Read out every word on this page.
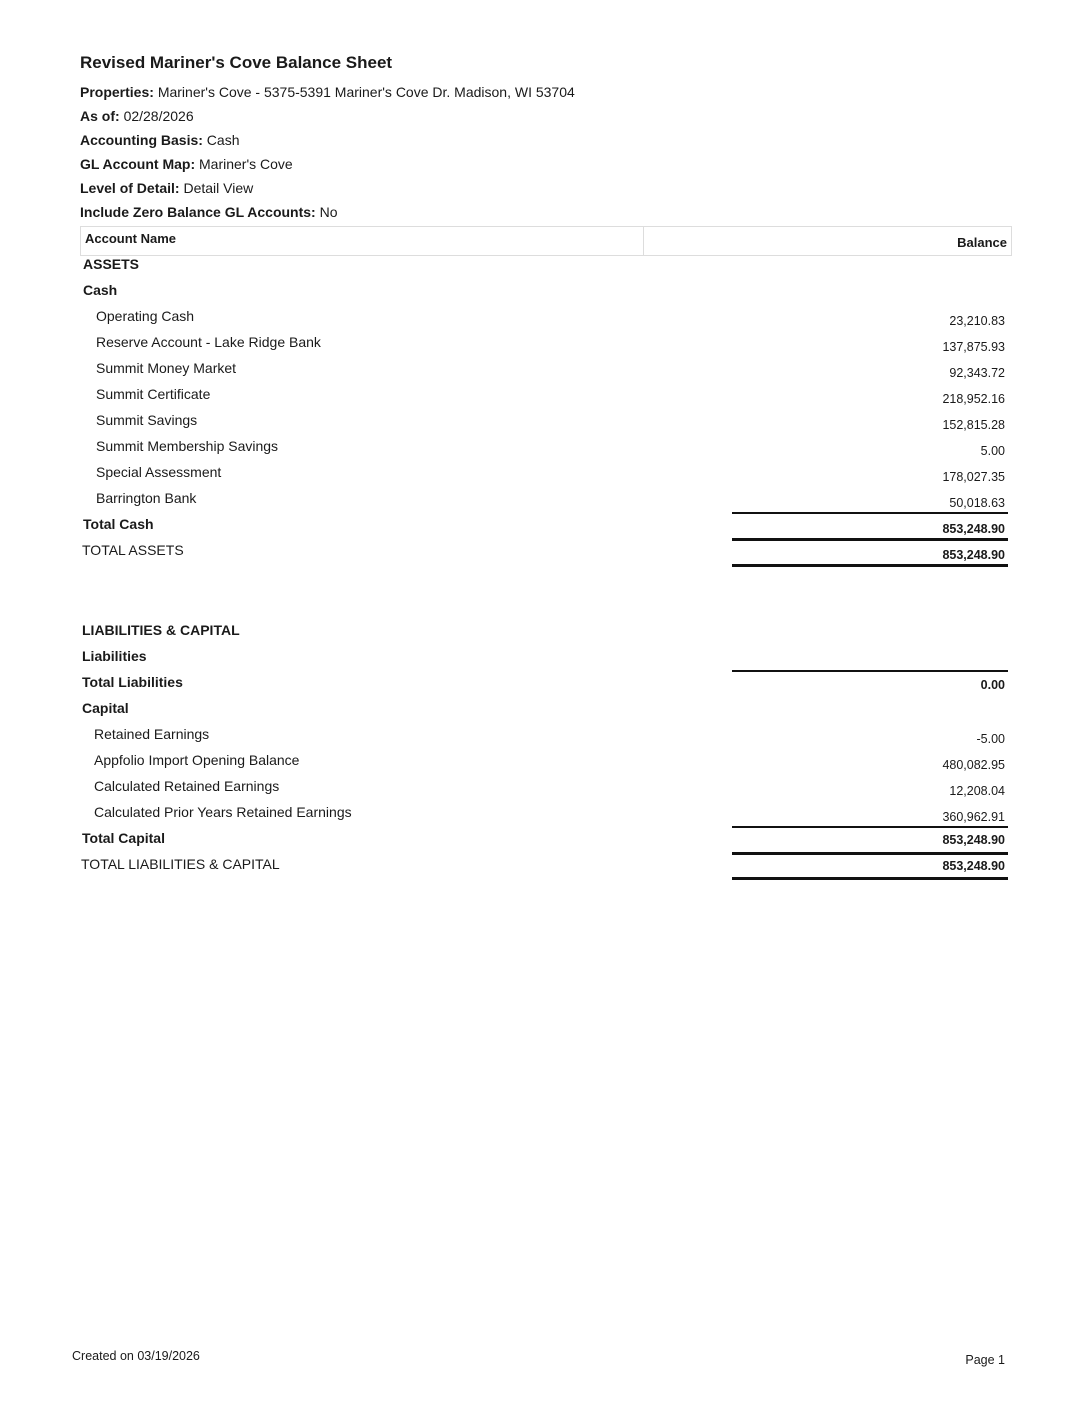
Revised Mariner's Cove Balance Sheet
Properties: Mariner's Cove - 5375-5391 Mariner's Cove Dr. Madison, WI 53704
As of: 02/28/2026
Accounting Basis: Cash
GL Account Map: Mariner's Cove
Level of Detail: Detail View
Include Zero Balance GL Accounts: No
Account Name	Balance
ASSETS
Cash
Operating Cash	23,210.83
Reserve Account - Lake Ridge Bank	137,875.93
Summit Money Market	92,343.72
Summit Certificate	218,952.16
Summit Savings	152,815.28
Summit Membership Savings	5.00
Special Assessment	178,027.35
Barrington Bank	50,018.63
Total Cash	853,248.90
TOTAL ASSETS	853,248.90
LIABILITIES & CAPITAL
Liabilities
Total Liabilities	0.00
Capital
Retained Earnings	-5.00
Appfolio Import Opening Balance	480,082.95
Calculated Retained Earnings	12,208.04
Calculated Prior Years Retained Earnings	360,962.91
Total Capital	853,248.90
TOTAL LIABILITIES & CAPITAL	853,248.90
Created on 03/19/2026	Page 1
